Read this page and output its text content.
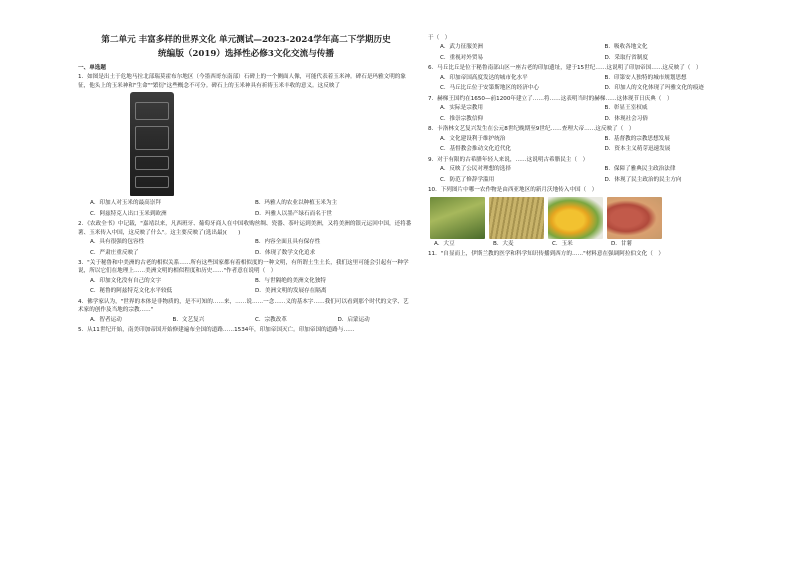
第二单元 丰富多样的世界文化 单元测试—2023-2024学年高二下学期历史
统编版（2019）选择性必修3文化交流与传播
一、单选题

1．如图是出土于危地马拉北部瑞莫霍布尔地区（今墨西哥东南部）石碑上的一个侧面人像，可能代表着玉米神。碑石是玛雅文明的象征，他头上的玉米神和"生命""繁衍"这些概念不可分。碑石上的玉米神具有祈祷玉米丰收的意义。这反映了

A．印加人对玉米的最高崇拜	B．玛雅人的农业以种植玉米为主
C．阿兹特克人出口玉米到欧洲	D．玛雅人以墨产绿石而名于世

2．《农政全书》中记载，"嘉靖以来，凡西班牙、葡萄牙商人在中国收购丝绸、瓷器、茶叶运到美洲，又将美洲的银元运回中国，还将番薯、玉米传入中国，这反映了什么"。这主要反映了(选出最)(　　)

A．具有很强的包容性	B．内容全面且具有保存性
C．严肃庄重反映了	D．体现了数学文化追求

3．"关于秘鲁和中美洲的古老的相似关系……所有这些国家都有着相似度的一种文明，有所谓土生土长，我们这里可能会引起有一种学说，所以它们在地理上……美洲文明的相似程度和历史……"作者意在说明（　）

A．印加文化没有自己的文字	B．与世隔绝的美洲文化独特
C．秘鲁的阿兹特克文化水平较低	D．美洲文明的发展存在隔离

4．佛学家认为，"世界的本体是非物质的，是不可知的……来，……说……一念……义的基本字……我们可以看到那个时代的文学、艺术家的创作及当地的宗教……"

A．智者运动	B．文艺复兴	C．宗教改革	D．启蒙运动

5．从11世纪开始，南美印加帝国开始修建遍布全国的道路……1534年，印加帝国灭亡。印加帝国的道路与……

于（　）

A．武力征服美洲	B．吸收各地文化
C．重视对外贸易	D．采取行省制度

6．马丘比丘是位于秘鲁南部山区一座古老的印加遗址，建于15世纪……这说明了印加帝国……这反映了（　）

A．印加帝国高度发达的城市化水平	B．印第安人独特的城市规划思想
C．马丘比丘位于安第斯地区的经济中心	D．印加人的文化体现了玛雅文化的痕迹

7．赫梯王国约在1650—前1200年建立了……将……这表明当时的赫梯……这体现节日庆典（　）

A．实际是宗教用	B．彰显王室权威
C．推崇宗教信仰	D．体现社会习俗

8．卡洛林文艺复兴发生在公元8世纪晚期至9世纪……查理大帝……这反映了（　）

A．文化建设利于维护统治	B．基督教的宗教思想发展
C．基督教会推动文化近代化	D．资本主义萌芽迅速发展

9．对于有限的古希腊年轻人来说，……这说明古希腊民主（　）

A．反映了公民对理想的选择	B．保障了雅典民主政治法律
C．防范了修辞学滥用	D．体现了民主政治的民主方向

10．下列图片中哪一农作物是由西亚地区的新月沃地传入中国（　）

A．大豆	B．大麦	C．玉米	D．甘薯

11．"自显而上，伊斯兰教的医学和科学知识传播到西方的……"材料意在强调阿拉伯文化（　）
